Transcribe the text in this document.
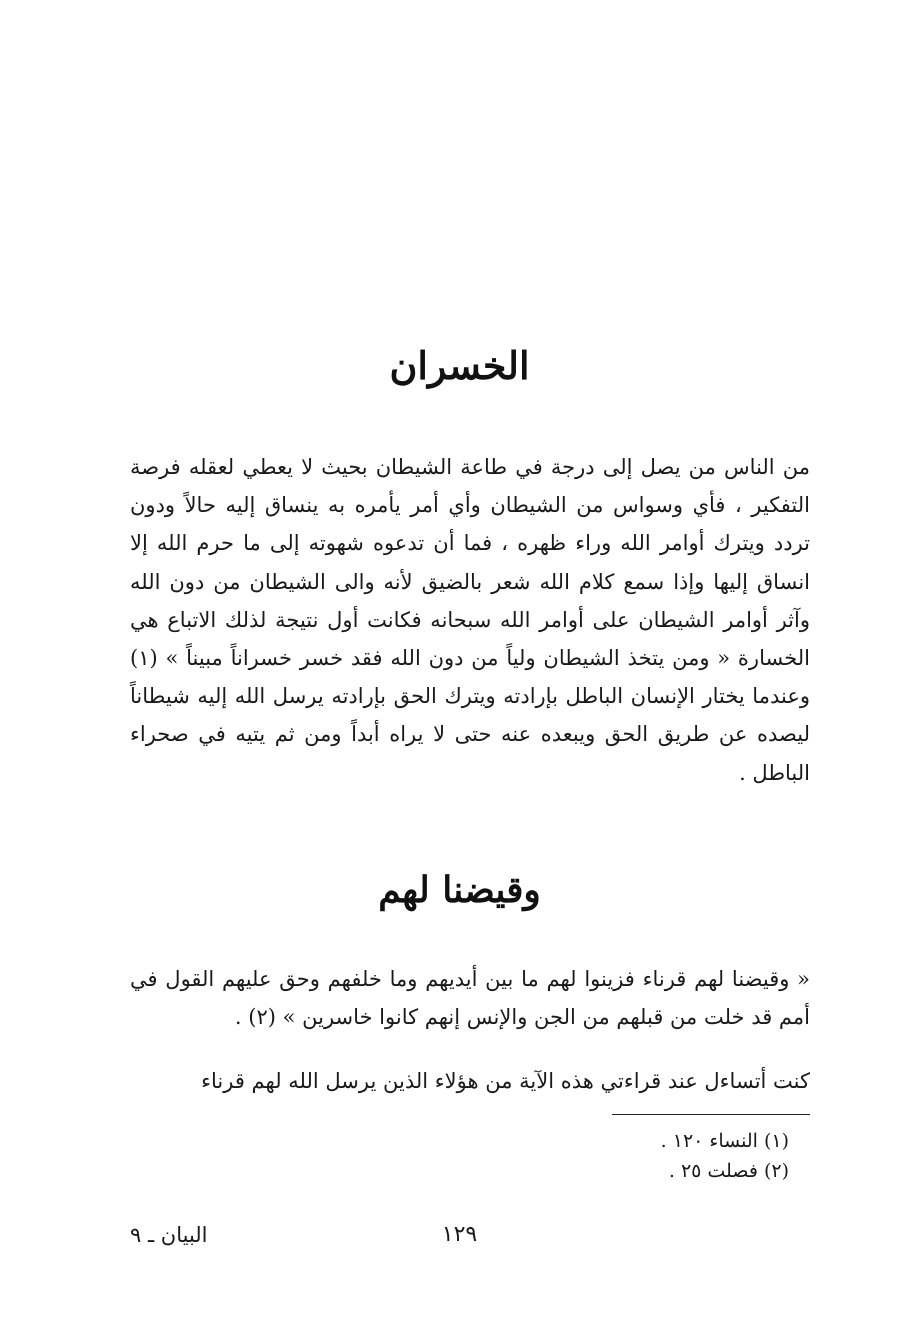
الخسران
من الناس من يصل إلى درجة في طاعة الشيطان بحيث لا يعطي لعقله فرصة التفكير ، فأي وسواس من الشيطان وأي أمر يأمره به ينساق إليه حالاً ودون تردد ويترك أوامر الله وراء ظهره ، فما أن تدعوه شهوته إلى ما حرم الله إلا انساق إليها وإذا سمع كلام الله شعر بالضيق لأنه والى الشيطان من دون الله وآثر أوامر الشيطان على أوامر الله سبحانه فكانت أول نتيجة لذلك الاتباع هي الخسارة « ومن يتخذ الشيطان ولياً من دون الله فقد خسر خسراناً مبيناً » (١) وعندما يختار الإنسان الباطل بإرادته ويترك الحق بإرادته يرسل الله إليه شيطاناً ليصده عن طريق الحق ويبعده عنه حتى لا يراه أبداً ومن ثم يتيه في صحراء الباطل .
وقيضنا لهم
« وقيضنا لهم قرناء فزينوا لهم ما بين أيديهم وما خلفهم وحق عليهم القول في أمم قد خلت من قبلهم من الجن والإنس إنهم كانوا خاسرين » (٢) .
كنت أتساءل عند قراءتي هذه الآية من هؤلاء الذين يرسل الله لهم قرناء
(١) النساء ١٢٠ .
(٢) فصلت ٢٥ .
١٢٩
البيان ـ ٩
